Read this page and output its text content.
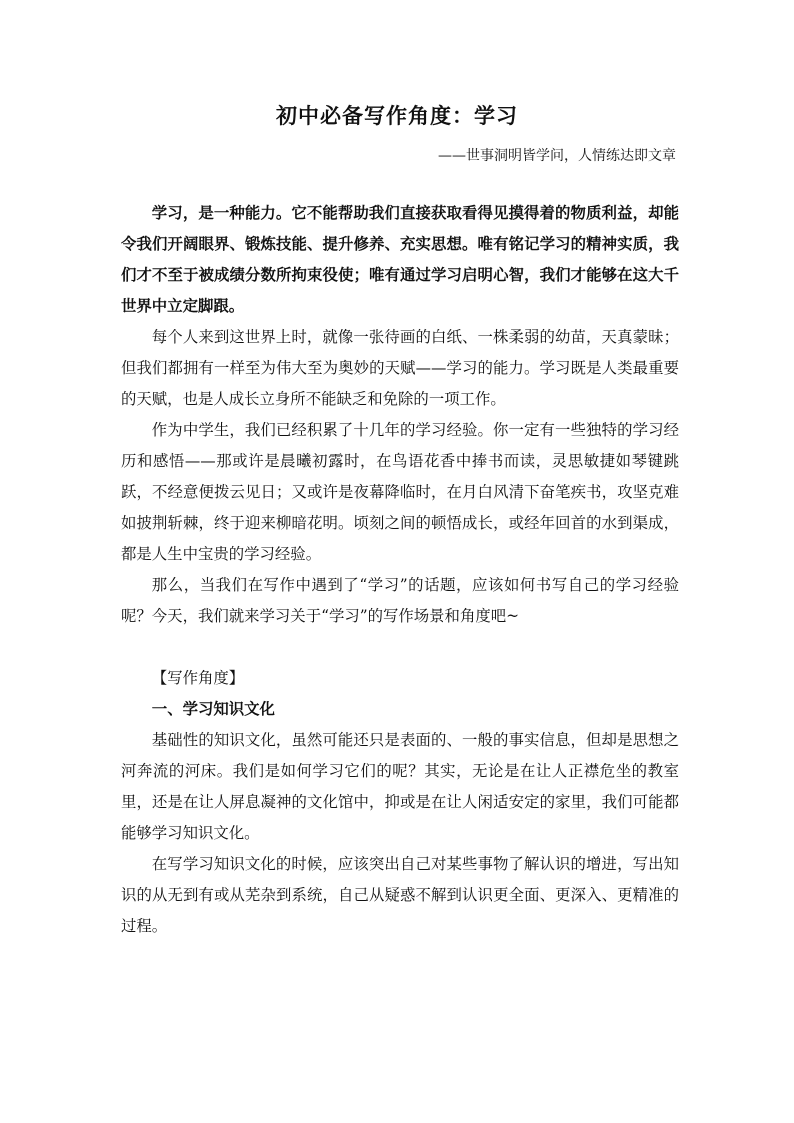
初中必备写作角度：学习
——世事洞明皆学问，人情练达即文章

学习，是一种能力。它不能帮助我们直接获取看得见摸得着的物质利益，却能令我们开阔眼界、锻炼技能、提升修养、充实思想。唯有铭记学习的精神实质，我们才不至于被成绩分数所拘束役使；唯有通过学习启明心智，我们才能够在这大千世界中立定脚跟。

每个人来到这世界上时，就像一张待画的白纸、一株柔弱的幼苗，天真蒙昧；但我们都拥有一样至为伟大至为奥妙的天赋——学习的能力。学习既是人类最重要的天赋，也是人成长立身所不能缺乏和免除的一项工作。

作为中学生，我们已经积累了十几年的学习经验。你一定有一些独特的学习经历和感悟——那或许是晨曦初露时，在鸟语花香中捧书而读，灵思敏捷如琴键跳跃，不经意便拨云见日；又或许是夜幕降临时，在月白风清下奋笔疾书，攻坚克难如披荆斩棘，终于迎来柳暗花明。顷刻之间的顿悟成长，或经年回首的水到渠成，都是人生中宝贵的学习经验。

那么，当我们在写作中遇到了“学习”的话题，应该如何书写自己的学习经验呢？今天，我们就来学习关于“学习”的写作场景和角度吧~

【写作角度】

一、学习知识文化

基础性的知识文化，虽然可能还只是表面的、一般的事实信息，但却是思想之河奔流的河床。我们是如何学习它们的呢？其实，无论是在让人正襟危坐的教室里，还是在让人屏息凝神的文化馆中，抑或是在让人闲适安定的家里，我们可能都能够学习知识文化。

在写学习知识文化的时候，应该突出自己对某些事物了解认识的增进，写出知识的从无到有或从芜杂到系统，自己从疑惑不解到认识更全面、更深入、更精准的过程。
